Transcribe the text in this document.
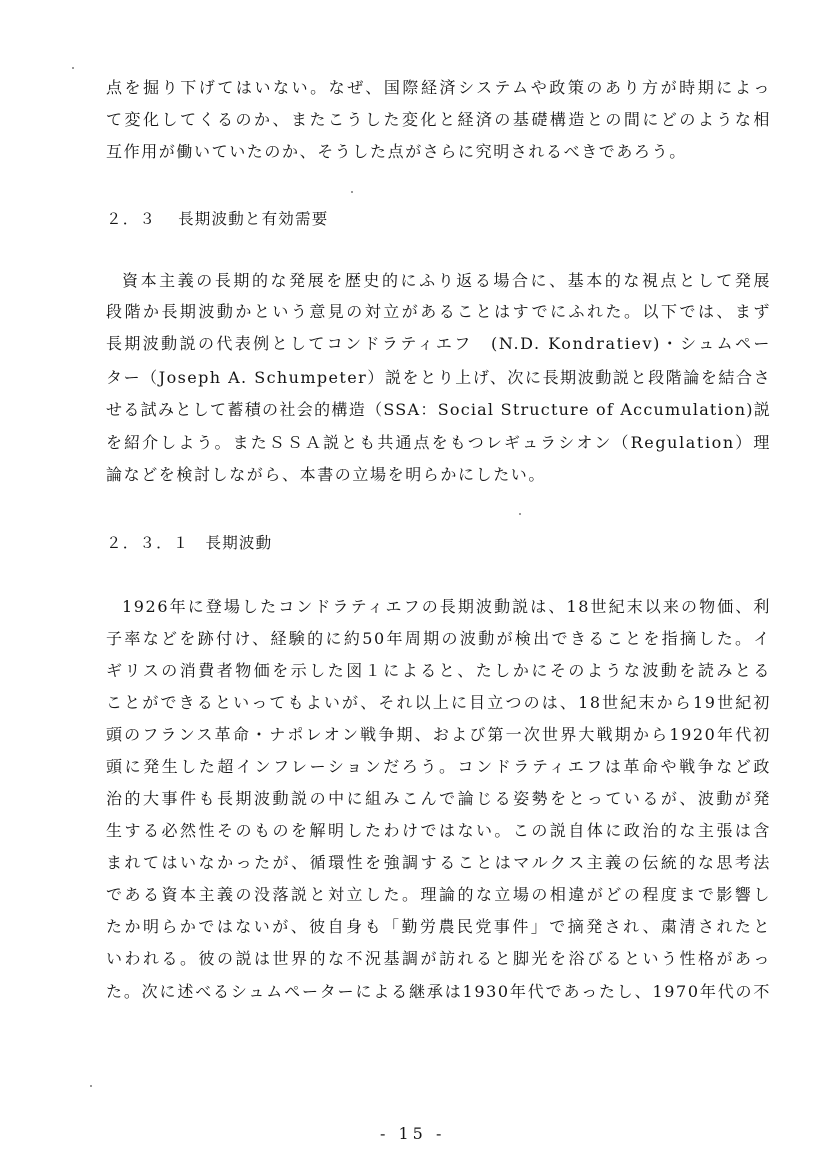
点を掘り下げてはいない。なぜ、国際経済システムや政策のあり方が時期によっ
て変化してくるのか、またこうした変化と経済の基礎構造との間にどのような相
互作用が働いていたのか、そうした点がさらに究明されるべきであろう。
２．３ 長期波動と有効需要
資本主義の長期的な発展を歴史的にふり返る場合に、基本的な視点として発展
段階か長期波動かという意見の対立があることはすでにふれた。以下では、まず
長期波動説の代表例としてコンドラティエフ　(N.D. Kondratiev)・シュムペー
ター（Joseph A. Schumpeter）説をとり上げ、次に長期波動説と段階論を結合さ
せる試みとして蓄積の社会的構造（SSA：Social Structure of Accumulation)説
を紹介しよう。またＳＳＡ説とも共通点をもつレギュラシオン（Regulation）理
論などを検討しながら、本書の立場を明らかにしたい。
２．３．１ 長期波動
1926年に登場したコンドラティエフの長期波動説は、18世紀末以来の物価、利
子率などを跡付け、経験的に約50年周期の波動が検出できることを指摘した。イ
ギリスの消費者物価を示した図１によると、たしかにそのような波動を読みとる
ことができるといってもよいが、それ以上に目立つのは、18世紀末から19世紀初
頭のフランス革命・ナポレオン戦争期、および第一次世界大戦期から1920年代初
頭に発生した超インフレーションだろう。コンドラティエフは革命や戦争など政
治的大事件も長期波動説の中に組みこんで論じる姿勢をとっているが、波動が発
生する必然性そのものを解明したわけではない。この説自体に政治的な主張は含
まれてはいなかったが、循環性を強調することはマルクス主義の伝統的な思考法
である資本主義の没落説と対立した。理論的な立場の相違がどの程度まで影響し
たか明らかではないが、彼自身も「勤労農民党事件」で摘発され、粛清されたと
いわれる。彼の説は世界的な不況基調が訪れると脚光を浴びるという性格があっ
た。次に述べるシュムペーターによる継承は1930年代であったし、1970年代の不
- 15 -
